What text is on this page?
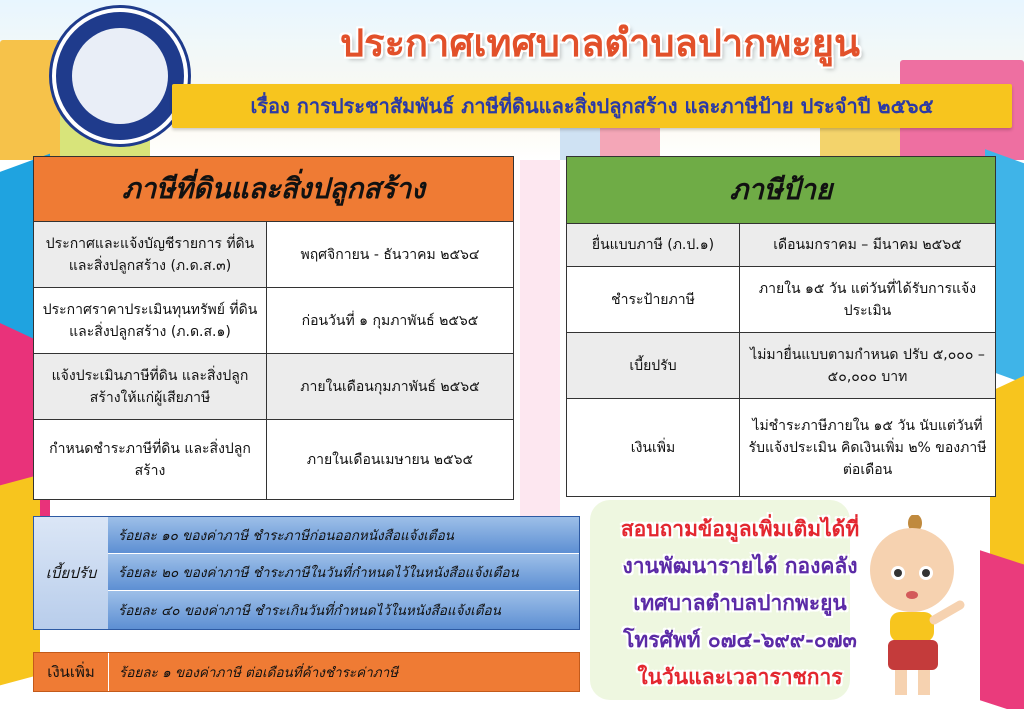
ประกาศเทศบาลตำบลปากพะยูน
เรื่อง การประชาสัมพันธ์ ภาษีที่ดินและสิ่งปลูกสร้าง และภาษีป้าย ประจำปี ๒๕๖๕
ภาษีที่ดินและสิ่งปลูกสร้าง	
ประกาศและแจ้งบัญชีรายการ ที่ดินและสิ่งปลูกสร้าง (ภ.ด.ส.๓)	พฤศจิกายน - ธันวาคม ๒๕๖๔
ประกาศราคาประเมินทุนทรัพย์ ที่ดินและสิ่งปลูกสร้าง (ภ.ด.ส.๑)	ก่อนวันที่ ๑ กุมภาพันธ์ ๒๕๖๕
แจ้งประเมินภาษีที่ดิน และสิ่งปลูกสร้างให้แก่ผู้เสียภาษี	ภายในเดือนกุมภาพันธ์ ๒๕๖๕
กำหนดชำระภาษีที่ดิน และสิ่งปลูกสร้าง	ภายในเดือนเมษายน ๒๕๖๕
ภาษีป้าย	
ยื่นแบบภาษี (ภ.ป.๑)	เดือนมกราคม – มีนาคม ๒๕๖๕
ชำระป้ายภาษี	ภายใน ๑๕ วัน แต่วันที่ได้รับการแจ้งประเมิน
เบี้ยปรับ	ไม่มายื่นแบบตามกำหนด ปรับ ๕,๐๐๐ – ๕๐,๐๐๐ บาท
เงินเพิ่ม	ไม่ชำระภาษีภายใน ๑๕ วัน นับแต่วันที่รับแจ้งประเมิน คิดเงินเพิ่ม ๒% ของภาษี ต่อเดือน
เบี้ยปรับ
ร้อยละ ๑๐ ของค่าภาษี ชำระภาษีก่อนออกหนังสือแจ้งเตือน
ร้อยละ ๒๐ ของค่าภาษี ชำระภาษีในวันที่กำหนดไว้ในหนังสือแจ้งเตือน
ร้อยละ ๔๐ ของค่าภาษี ชำระเกินวันที่กำหนดไว้ในหนังสือแจ้งเตือน
เงินเพิ่ม	ร้อยละ ๑ ของค่าภาษี ต่อเดือนที่ค้างชำระค่าภาษี
สอบถามข้อมูลเพิ่มเติมได้ที่
งานพัฒนารายได้ กองคลัง
เทศบาลตำบลปากพะยูน
โทรศัพท์ ๐๗๔-๖๙๙-๐๗๓
ในวันและเวลาราชการ
